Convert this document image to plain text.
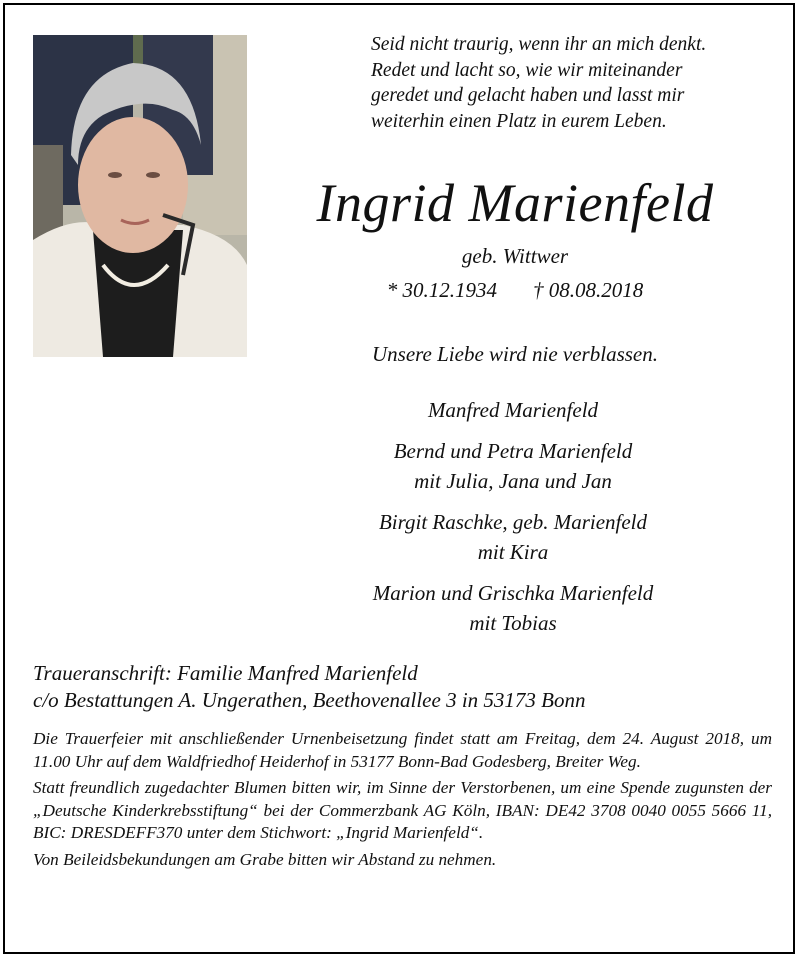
Seid nicht traurig, wenn ihr an mich denkt.
Redet und lacht so, wie wir miteinander
geredet und gelacht haben und lasst mir
weiterhin einen Platz in eurem Leben.
Ingrid Marienfeld
geb. Wittwer
* 30.12.1934 † 08.08.2018
Unsere Liebe wird nie verblassen.
Manfred Marienfeld
Bernd und Petra Marienfeld
mit Julia, Jana und Jan
Birgit Raschke, geb. Marienfeld
mit Kira
Marion und Grischka Marienfeld
mit Tobias
Traueranschrift: Familie Manfred Marienfeld
c/o Bestattungen A. Ungerathen, Beethovenallee 3 in 53173 Bonn

Die Trauerfeier mit anschließender Urnenbeisetzung findet statt am Freitag, dem 24. August 2018, um 11.00 Uhr auf dem Waldfriedhof Heiderhof in 53177 Bonn-Bad Godesberg, Breiter Weg.

Statt freundlich zugedachter Blumen bitten wir, im Sinne der Verstorbenen, um eine Spende zugunsten der „Deutsche Kinderkrebsstiftung“ bei der Commerzbank AG Köln, IBAN: DE42 3708 0040 0055 5666 11, BIC: DRESDEFF370 unter dem Stichwort: „Ingrid Marienfeld“.

Von Beileidsbekundungen am Grabe bitten wir Abstand zu nehmen.
